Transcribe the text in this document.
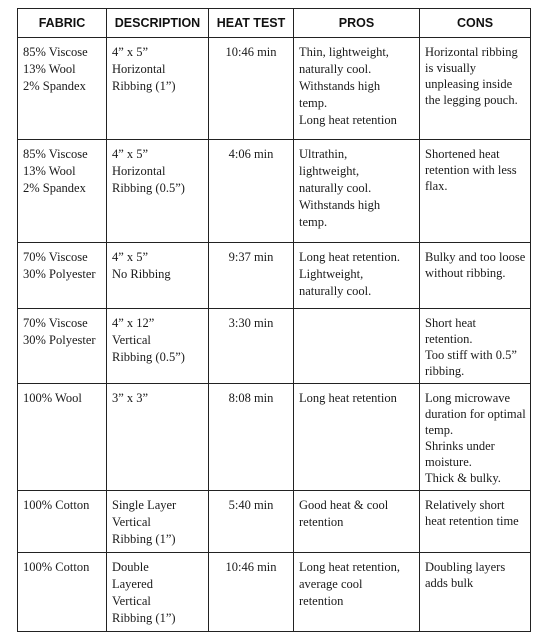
FABRIC	DESCRIPTION	HEAT TEST	PROS	CONS

85% Viscose
13% Wool
2% Spandex	4” x 5”
Horizontal
Ribbing (1”)	10:46 min	Thin, lightweight,
naturally cool.
Withstands high
temp.
Long heat retention	Horizontal ribbing is visually unpleasing inside the legging pouch.

85% Viscose
13% Wool
2% Spandex	4” x 5”
Horizontal
Ribbing (0.5”)	4:06 min	Ultrathin,
lightweight,
naturally cool.
Withstands high
temp.	Shortened heat retention with less flax.

70% Viscose
30% Polyester	4” x 5”
No Ribbing	9:37 min	Long heat retention.
Lightweight,
naturally cool.	Bulky and too loose without ribbing.

70% Viscose
30% Polyester	4” x 12”
Vertical
Ribbing (0.5”)	3:30 min		Short heat retention.
Too stiff with 0.5” ribbing.

100% Wool	3” x 3”	8:08 min	Long heat retention	Long microwave duration for optimal temp.
Shrinks under moisture.
Thick & bulky.

100% Cotton	Single Layer
Vertical
Ribbing (1”)	5:40 min	Good heat & cool
retention	Relatively short heat retention time

100% Cotton	Double
Layered
Vertical
Ribbing (1”)	10:46 min	Long heat retention,
average cool
retention	Doubling layers adds bulk
